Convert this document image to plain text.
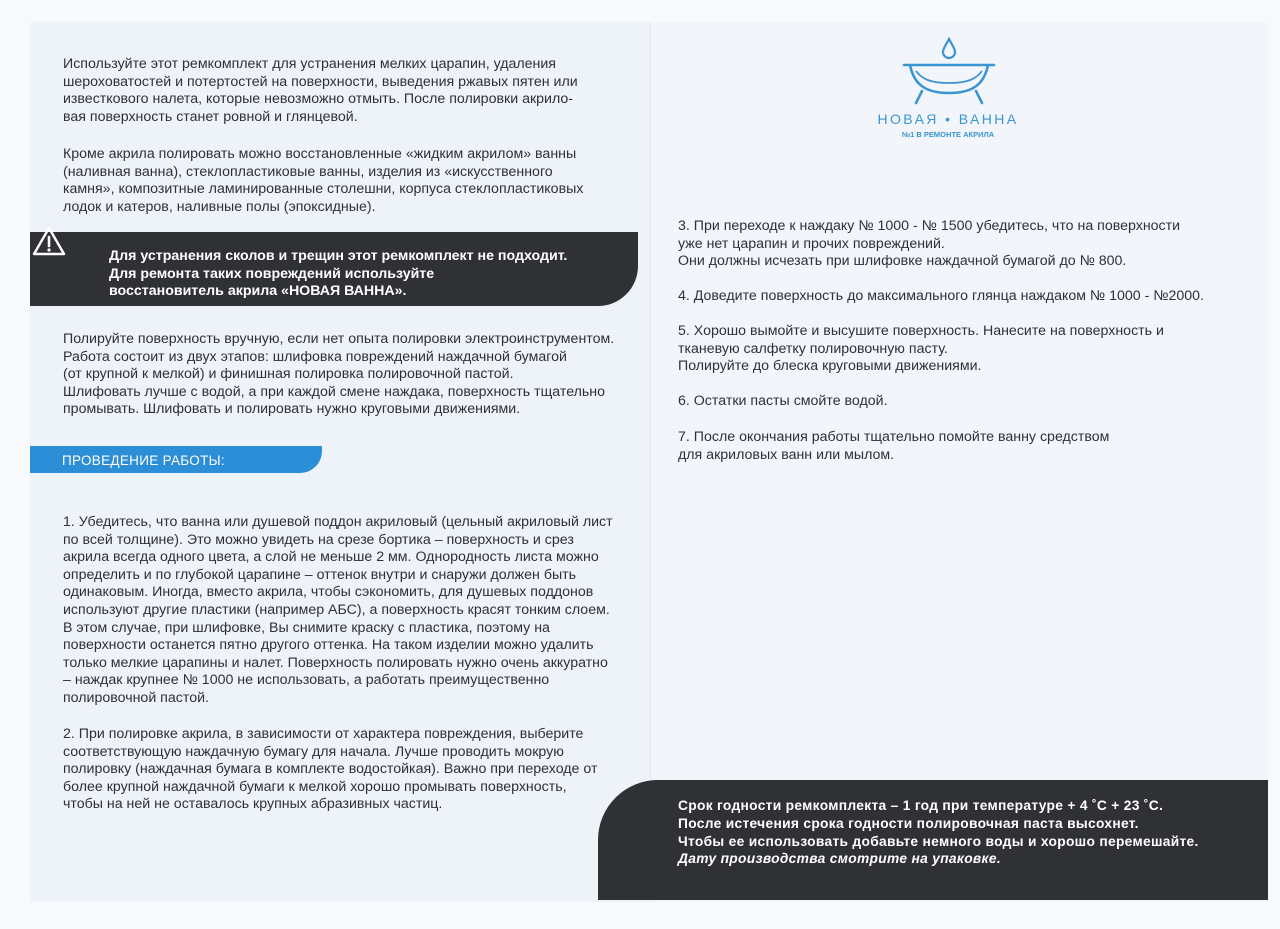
Используйте этот ремкомплект для устранения мелких царапин, удаления
шероховатостей и потертостей на поверхности, выведения ржавых пятен или
известкового налета, которые невозможно отмыть. После полировки акрило-
вая поверхность станет ровной и глянцевой.
Кроме акрила полировать можно восстановленные «жидким акрилом» ванны
(наливная ванна), стеклопластиковые ванны, изделия из «искусственного
камня», композитные ламинированные столешни, корпуса стеклопластиковых
лодок и катеров, наливные полы (эпоксидные).
Для устранения сколов и трещин этот ремкомплект не подходит.
Для ремонта таких повреждений используйте
восстановитель акрила «НОВАЯ ВАННА».
Полируйте поверхность вручную, если нет опыта полировки электроинструментом.
Работа состоит из двух этапов: шлифовка повреждений наждачной бумагой
(от крупной к мелкой) и финишная полировка полировочной пастой.
Шлифовать лучше с водой, а при каждой смене наждака, поверхность тщательно
промывать. Шлифовать и полировать нужно круговыми движениями.
ПРОВЕДЕНИЕ РАБОТЫ:
1. Убедитесь, что ванна или душевой поддон акриловый (цельный акриловый лист
по всей толщине). Это можно увидеть на срезе бортика – поверхность и срез
акрила всегда одного цвета, а слой не меньше 2 мм. Однородность листа можно
определить и по глубокой царапине – оттенок внутри и снаружи должен быть
одинаковым. Иногда, вместо акрила, чтобы сэкономить, для душевых поддонов
используют другие пластики (например АБС), а поверхность красят тонким слоем.
В этом случае, при шлифовке, Вы снимите краску с пластика, поэтому на
поверхности останется пятно другого оттенка. На таком изделии можно удалить
только мелкие царапины и налет. Поверхность полировать нужно очень аккуратно
– наждак крупнее № 1000 не использовать, а работать преимущественно
полировочной пастой.
2. При полировке акрила, в зависимости от характера повреждения, выберите
соответствующую наждачную бумагу для начала. Лучше проводить мокрую
полировку (наждачная бумага в комплекте водостойкая). Важно при переходе от
более крупной наждачной бумаги к мелкой хорошо промывать поверхность,
чтобы на ней не оставалось крупных абразивных частиц.
НОВАЯ • ВАННА
№1 В РЕМОНТЕ АКРИЛА
3. При переходе к наждаку № 1000 - № 1500 убедитесь, что на поверхности
уже нет царапин и прочих повреждений.
Они должны исчезать при шлифовке наждачной бумагой до № 800.
4. Доведите поверхность до максимального глянца наждаком № 1000 - №2000.
5. Хорошо вымойте и высушите поверхность. Нанесите на поверхность и
тканевую салфетку полировочную пасту.
Полируйте до блеска круговыми движениями.
6. Остатки пасты смойте водой.
7. После окончания работы тщательно помойте ванну средством
для акриловых ванн или мылом.
Срок годности ремкомплекта – 1 год при температуре + 4 ˚С + 23 ˚С.
После истечения срока годности полировочная паста высохнет.
Чтобы ее использовать добавьте немного воды и хорошо перемешайте.
Дату производства смотрите на упаковке.
